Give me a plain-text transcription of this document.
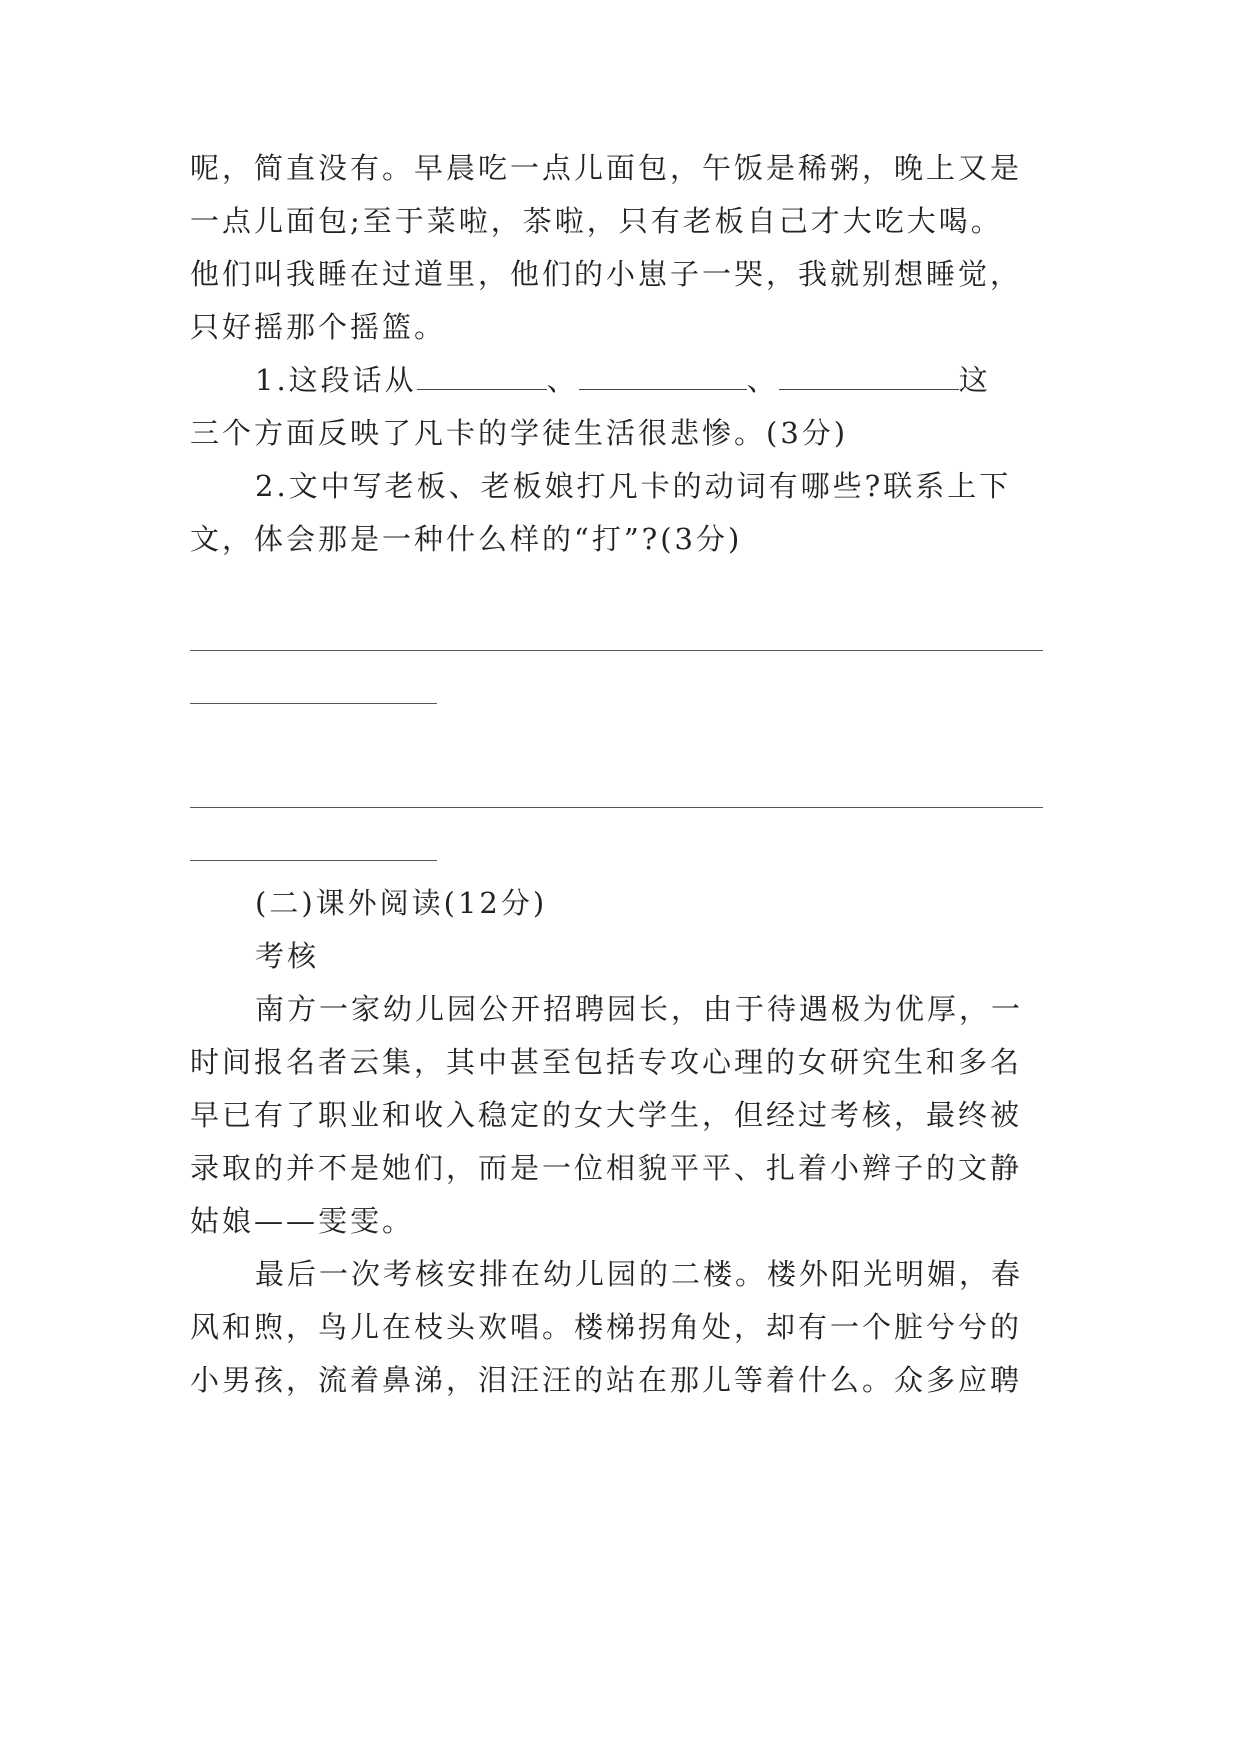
呢，简直没有。早晨吃一点儿面包，午饭是稀粥，晚上又是
一点儿面包;至于菜啦，茶啦，只有老板自己才大吃大喝。
他们叫我睡在过道里，他们的小崽子一哭，我就别想睡觉，
只好摇那个摇篮。
1.这段话从	、	、	这
三个方面反映了凡卡的学徒生活很悲惨。(3分)
2.文中写老板、老板娘打凡卡的动词有哪些?联系上下
文，体会那是一种什么样的“打”?(3分)
(二)课外阅读(12分)
考核
南方一家幼儿园公开招聘园长，由于待遇极为优厚，一
时间报名者云集，其中甚至包括专攻心理的女研究生和多名
早已有了职业和收入稳定的女大学生，但经过考核，最终被
录取的并不是她们，而是一位相貌平平、扎着小辫子的文静
姑娘——雯雯。
最后一次考核安排在幼儿园的二楼。楼外阳光明媚，春
风和煦，鸟儿在枝头欢唱。楼梯拐角处，却有一个脏兮兮的
小男孩，流着鼻涕，泪汪汪的站在那儿等着什么。众多应聘
